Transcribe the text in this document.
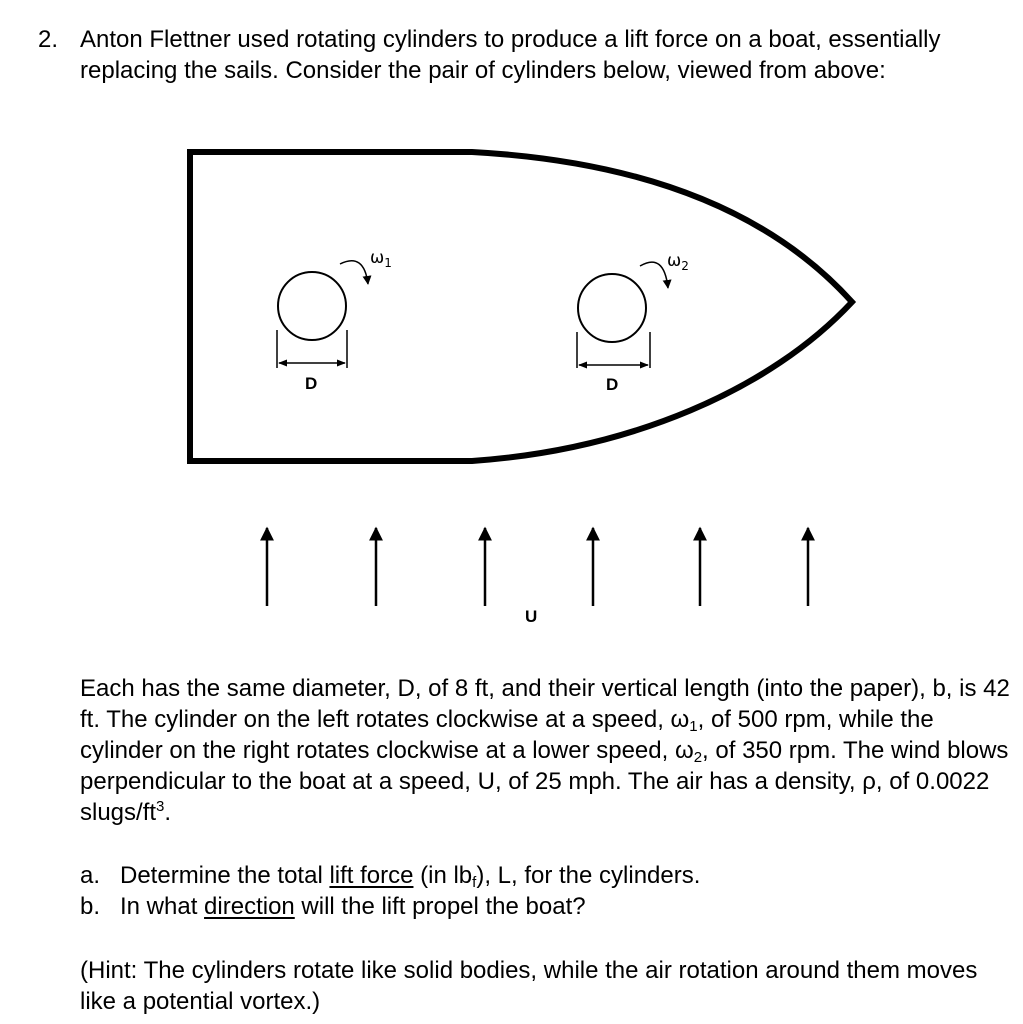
2. Anton Flettner used rotating cylinders to produce a lift force on a boat, essentially replacing the sails. Consider the pair of cylinders below, viewed from above:
D
$\omega_1$
D
$\omega_2$
U
Each has the same diameter, D, of 8 ft, and their vertical length (into the paper), b, is 42 ft. The cylinder on the left rotates clockwise at a speed, $\omega_1$, of 500 rpm, while the cylinder on the right rotates clockwise at a lower speed, $\omega_2$, of 350 rpm. The wind blows perpendicular to the boat at a speed, U, of 25 mph. The air has a density, ρ, of 0.0022 slugs/$ft^3$.
a. Determine the total lift force (in $lb_f$), L, for the cylinders.
b. In what direction will the lift propel the boat?
(Hint: The cylinders rotate like solid bodies, while the air rotation around them moves like a potential vortex.)
